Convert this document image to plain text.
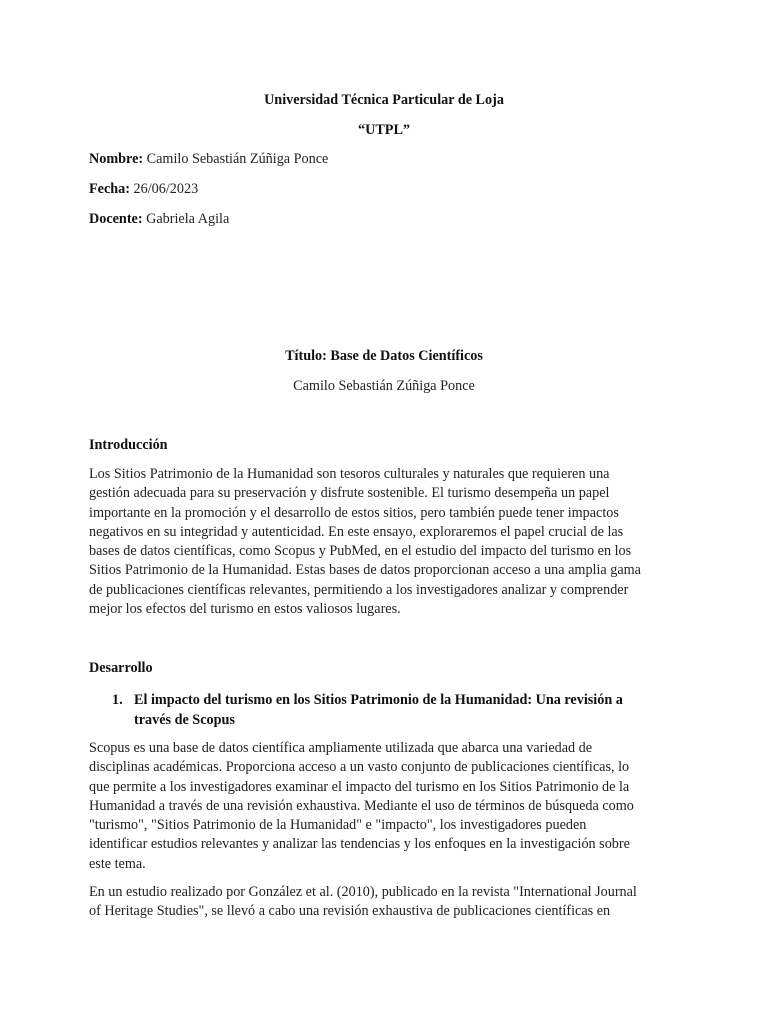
Universidad Técnica Particular de Loja
“UTPL”
Nombre: Camilo Sebastián Zúñiga Ponce
Fecha: 26/06/2023
Docente: Gabriela Agila
Título: Base de Datos Científicos
Camilo Sebastián Zúñiga Ponce
Introducción
Los Sitios Patrimonio de la Humanidad son tesoros culturales y naturales que requieren una
gestión adecuada para su preservación y disfrute sostenible. El turismo desempeña un papel
importante en la promoción y el desarrollo de estos sitios, pero también puede tener impactos
negativos en su integridad y autenticidad. En este ensayo, exploraremos el papel crucial de las
bases de datos científicas, como Scopus y PubMed, en el estudio del impacto del turismo en los
Sitios Patrimonio de la Humanidad. Estas bases de datos proporcionan acceso a una amplia gama
de publicaciones científicas relevantes, permitiendo a los investigadores analizar y comprender
mejor los efectos del turismo en estos valiosos lugares.
Desarrollo
1. El impacto del turismo en los Sitios Patrimonio de la Humanidad: Una revisión a
través de Scopus
Scopus es una base de datos científica ampliamente utilizada que abarca una variedad de
disciplinas académicas. Proporciona acceso a un vasto conjunto de publicaciones científicas, lo
que permite a los investigadores examinar el impacto del turismo en los Sitios Patrimonio de la
Humanidad a través de una revisión exhaustiva. Mediante el uso de términos de búsqueda como
"turismo", "Sitios Patrimonio de la Humanidad" e "impacto", los investigadores pueden
identificar estudios relevantes y analizar las tendencias y los enfoques en la investigación sobre
este tema.
En un estudio realizado por González et al. (2010), publicado en la revista "International Journal
of Heritage Studies", se llevó a cabo una revisión exhaustiva de publicaciones científicas en
